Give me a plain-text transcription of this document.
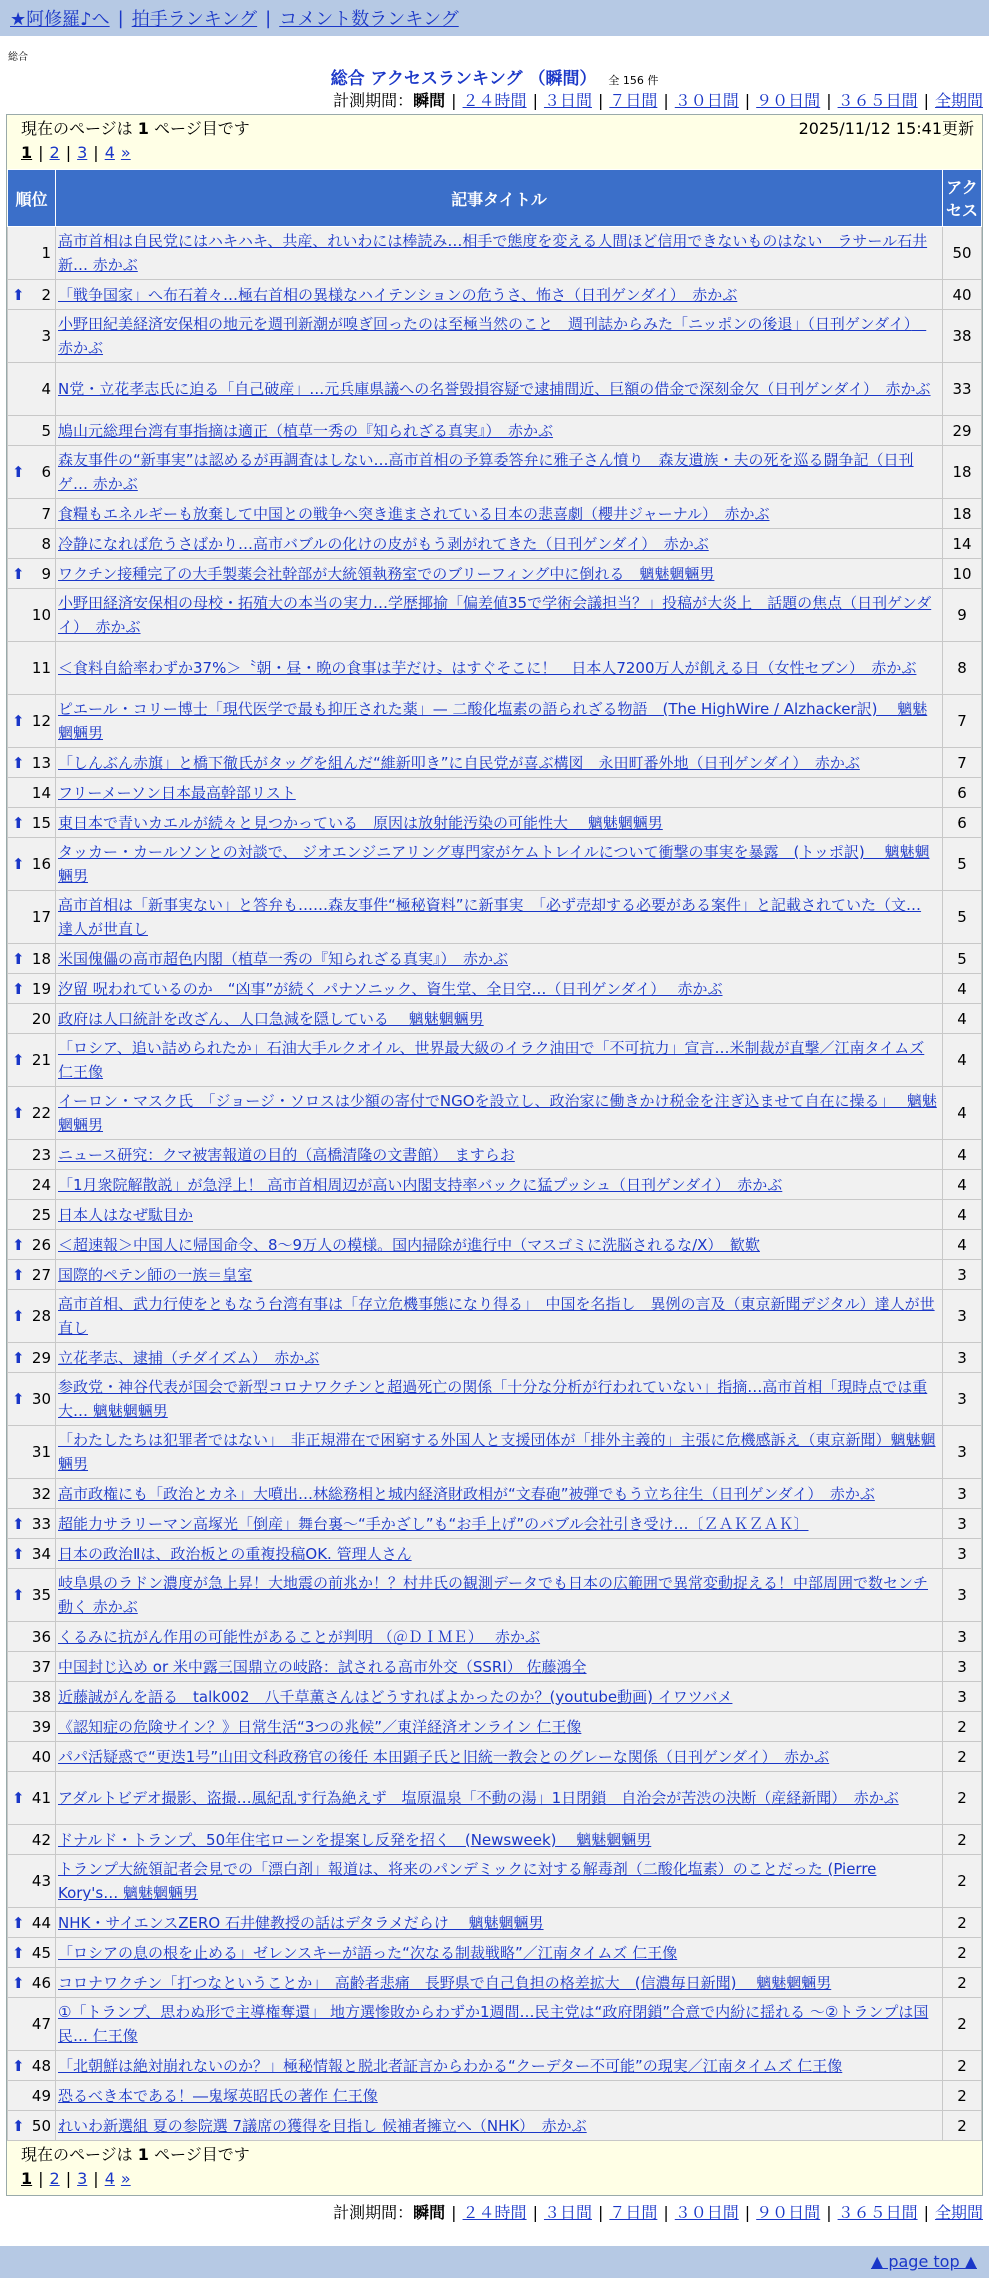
★阿修羅♪へ | 拍手ランキング | コメント数ランキング
総合
総合 アクセスランキング （瞬間） 全 156 件
計測期間：瞬間 | ２４時間 | ３日間 | ７日間 | ３０日間 | ９０日間 | ３６５日間 | 全期間
現在のページは 1 ページ目です	2025/11/12 15:41更新
1 | 2 | 3 | 4 »
順位	記事タイトル	アクセス
1	高市首相は自民党にはハキハキ、共産、れいわには棒読み…相手で態度を変える人間ほど信用できないものはない　ラサール石井 新… 赤かぶ	50

⬆ 2	「戦争国家」へ布石着々…極右首相の異様なハイテンションの危うさ、怖さ（日刊ゲンダイ）　赤かぶ	40
3	小野田紀美経済安保相の地元を週刊新潮が嗅ぎ回ったのは至極当然のこと　週刊誌からみた「ニッポンの後退」（日刊ゲンダイ）　赤かぶ	38
4	N党・立花孝志氏に迫る「自己破産」…元兵庫県議への名誉毀損容疑で逮捕間近、巨額の借金で深刻金欠（日刊ゲンダイ）　赤かぶ	33
5	鳩山元総理台湾有事指摘は適正（植草一秀の『知られざる真実』）　赤かぶ	29

⬆ 6	森友事件の“新事実”は認めるが再調査はしない…高市首相の予算委答弁に雅子さん憤り　森友遺族・夫の死を巡る闘争記（日刊ゲ… 赤かぶ	18
7	食糧もエネルギーも放棄して中国との戦争へ突き進まされている日本の悲喜劇（櫻井ジャーナル）　赤かぶ	18
8	冷静になれば危うさばかり…高市バブルの化けの皮がもう剥がれてきた（日刊ゲンダイ）　赤かぶ	14

⬆ 9	ワクチン接種完了の大手製薬会社幹部が大統領執務室でのブリーフィング中に倒れる　魑魅魍魎男	10
10	小野田経済安保相の母校・拓殖大の本当の実力…学歴揶揄「偏差値35で学術会議担当？」投稿が大炎上　話題の焦点（日刊ゲンダイ）　赤かぶ	9
11	＜食料自給率わずか37%＞〝朝・昼・晩の食事は芋だけ〟はすぐそこに！　日本人7200万人が飢える日（女性セブン）　赤かぶ	8

⬆ 12	ピエール・コリー博士「現代医学で最も抑圧された薬」— 二酸化塩素の語られざる物語　(The HighWire / Alzhacker訳)　 魑魅魍魎男	7

⬆ 13	「しんぶん赤旗」と橋下徹氏がタッグを組んだ“維新叩き”に自民党が喜ぶ構図　永田町番外地（日刊ゲンダイ）　赤かぶ	7
14	フリーメーソン日本最高幹部リスト	6

⬆ 15	東日本で青いカエルが続々と見つかっている　原因は放射能汚染の可能性大　 魑魅魍魎男	6

⬆ 16	タッカー・カールソンとの対談で、 ジオエンジニアリング専門家がケムトレイルについて衝撃の事実を暴露　(トッポ訳)　 魑魅魍魎男	5
17	高市首相は「新事実ない」と答弁も……森友事件“極秘資料”に新事実　「必ず売却する必要がある案件」と記載されていた（文… 達人が世直し	5

⬆ 18	米国傀儡の高市超色内閣（植草一秀の『知られざる真実』）　赤かぶ	5

⬆ 19	汐留 呪われているのか　“凶事”が続く パナソニック、資生堂、全日空…（日刊ゲンダイ）　 赤かぶ	4
20	政府は人口統計を改ざん、人口急減を隠している　 魑魅魍魎男	4

⬆ 21	「ロシア、追い詰められたか」石油大手ルクオイル、世界最大級のイラク油田で「不可抗力」宣言…米制裁が直撃／江南タイムズ 仁王像	4

⬆ 22	イーロン・マスク氏　「ジョージ・ソロスは少額の寄付でNGOを設立し、政治家に働きかけ税金を注ぎ込ませて自在に操る」　 魑魅魍魎男	4
23	ニュース研究：クマ被害報道の目的（高橋清隆の文書館）　ますらお	4
24	「1月衆院解散説」が急浮上！ 高市首相周辺が高い内閣支持率バックに猛プッシュ（日刊ゲンダイ）　赤かぶ	4
25	日本人はなぜ駄目か	4

⬆ 26	＜超速報＞中国人に帰国命令、8〜9万人の模様。国内掃除が進行中（マスゴミに洗脳されるな/X）　歓歎	4

⬆ 27	国際的ペテン師の一族＝皇室	3

⬆ 28	高市首相、武力行使をともなう台湾有事は「存立危機事態になり得る」　中国を名指し　異例の言及（東京新聞デジタル）達人が世直し	3

⬆ 29	立花孝志、逮捕（チダイズム）　赤かぶ	3

⬆ 30	参政党・神谷代表が国会で新型コロナワクチンと超過死亡の関係「十分な分析が行われていない」指摘…高市首相「現時点では重大… 魑魅魍魎男	3
31	「わたしたちは犯罪者ではない」　非正規滞在で困窮する外国人と支援団体が「排外主義的」主張に危機感訴え（東京新聞）魑魅魍魎男	3
32	高市政権にも「政治とカネ」大噴出…林総務相と城内経済財政相が“文春砲”被弾でもう立ち往生（日刊ゲンダイ）　赤かぶ	3

⬆ 33	超能力サラリーマン高塚光「倒産」舞台裏〜“手かざし”も“お手上げ”のバブル会社引き受け…〔ＺＡＫＺＡＫ〕	3

⬆ 34	日本の政治Ⅱは、政治板との重複投稿OK. 管理人さん	3

⬆ 35	岐阜県のラドン濃度が急上昇！大地震の前兆か！？村井氏の観測データでも日本の広範囲で異常変動捉える！中部周囲で数センチ動く 赤かぶ	3
36	くるみに抗がん作用の可能性があることが判明 （＠ＤＩＭＥ）　 赤かぶ	3
37	中国封じ込め or 米中露三国鼎立の岐路：試される高市外交（SSRI） 佐藤鴻全	3
38	近藤誠がんを語る　talk002　八千草薫さんはどうすればよかったのか？(youtube動画) イワツバメ	3
39	《認知症の危険サイン？》日常生活“3つの兆候”／東洋経済オンライン 仁王像	2
40	パパ活疑惑で“更迭1号”山田文科政務官の後任 本田顕子氏と旧統一教会とのグレーな関係（日刊ゲンダイ）　赤かぶ	2

⬆ 41	アダルトビデオ撮影、盗撮…風紀乱す行為絶えず　塩原温泉「不動の湯」1日閉鎖　自治会が苦渋の決断（産経新聞）　赤かぶ	2
42	ドナルド・トランプ、50年住宅ローンを提案し反発を招く　(Newsweek)　 魑魅魍魎男	2
43	トランプ大統領記者会見での「漂白剤」報道は、将来のパンデミックに対する解毒剤（二酸化塩素）のことだった (Pierre Kory's… 魑魅魍魎男	2

⬆ 44	NHK・サイエンスZERO 石井健教授の話はデタラメだらけ　 魑魅魍魎男	2

⬆ 45	「ロシアの息の根を止める」ゼレンスキーが語った“次なる制裁戦略”／江南タイムズ 仁王像	2

⬆ 46	コロナワクチン「打つなということか」　高齢者悲痛　長野県で自己負担の格差拡大　(信濃毎日新聞)　 魑魅魍魎男	2
47	①「トランプ、思わぬ形で主導権奪還」 地方選惨敗からわずか1週間…民主党は“政府閉鎖”合意で内紛に揺れる ～②トランプは国民… 仁王像	2

⬆ 48	「北朝鮮は絶対崩れないのか？」極秘情報と脱北者証言からわかる“クーデター不可能”の現実／江南タイムズ 仁王像	2
49	恐るべき本である！―鬼塚英昭氏の著作 仁王像	2

⬆ 50	れいわ新選組 夏の参院選 7議席の獲得を目指し 候補者擁立へ（NHK）　赤かぶ	2
現在のページは 1 ページ目です
1 | 2 | 3 | 4 »
計測期間：瞬間 | ２４時間 | ３日間 | ７日間 | ３０日間 | ９０日間 | ３６５日間 | 全期間
▲ page top ▲
